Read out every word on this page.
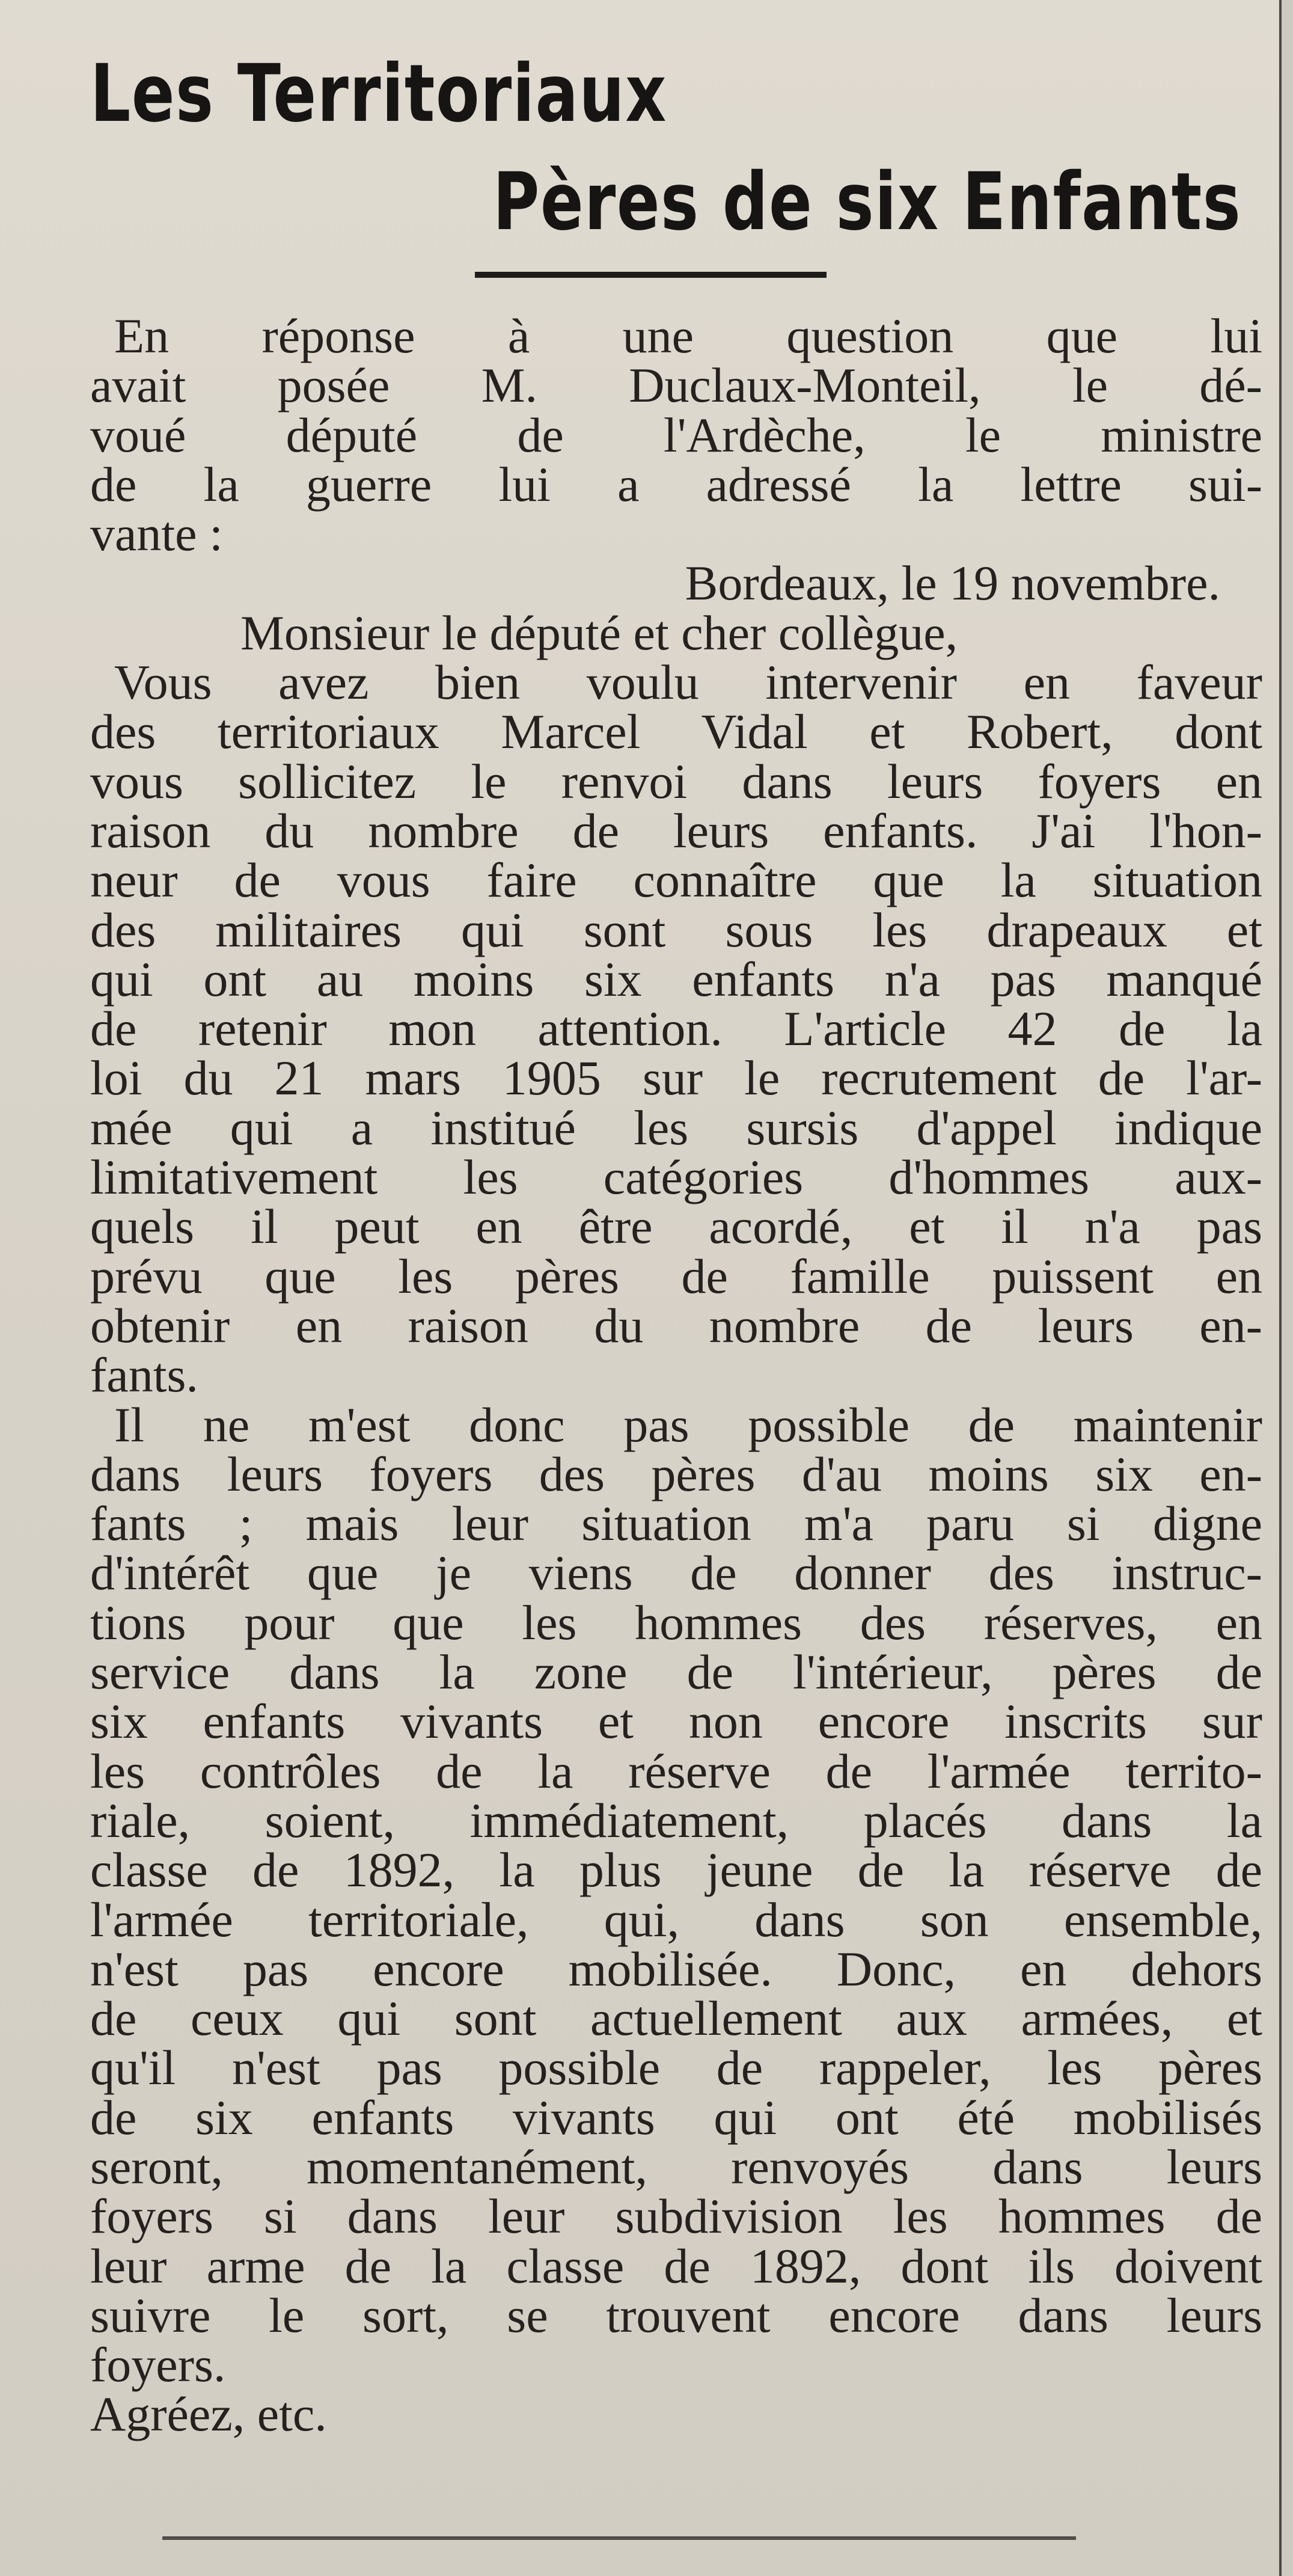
Les Territoriaux
Pères de six Enfants

En réponse à une question que lui
avait posée M. Duclaux-Monteil, le dé-
voué député de l'Ardèche, le ministre
de la guerre lui a adressé la lettre sui-
vante :

Bordeaux, le 19 novembre.

Monsieur le député et cher collègue,

Vous avez bien voulu intervenir en faveur
des territoriaux Marcel Vidal et Robert, dont
vous sollicitez le renvoi dans leurs foyers en
raison du nombre de leurs enfants. J'ai l'hon-
neur de vous faire connaître que la situation
des militaires qui sont sous les drapeaux et
qui ont au moins six enfants n'a pas manqué
de retenir mon attention. L'article 42 de la
loi du 21 mars 1905 sur le recrutement de l'ar-
mée qui a institué les sursis d'appel indique
limitativement les catégories d'hommes aux-
quels il peut en être acordé, et il n'a pas
prévu que les pères de famille puissent en
obtenir en raison du nombre de leurs en-
fants.

Il ne m'est donc pas possible de maintenir
dans leurs foyers des pères d'au moins six en-
fants ; mais leur situation m'a paru si digne
d'intérêt que je viens de donner des instruc-
tions pour que les hommes des réserves, en
service dans la zone de l'intérieur, pères de
six enfants vivants et non encore inscrits sur
les contrôles de la réserve de l'armée territo-
riale, soient, immédiatement, placés dans la
classe de 1892, la plus jeune de la réserve de
l'armée territoriale, qui, dans son ensemble,
n'est pas encore mobilisée. Donc, en dehors
de ceux qui sont actuellement aux armées, et
qu'il n'est pas possible de rappeler, les pères
de six enfants vivants qui ont été mobilisés
seront, momentanément, renvoyés dans leurs
foyers si dans leur subdivision les hommes de
leur arme de la classe de 1892, dont ils doivent
suivre le sort, se trouvent encore dans leurs
foyers.

Agréez, etc.
